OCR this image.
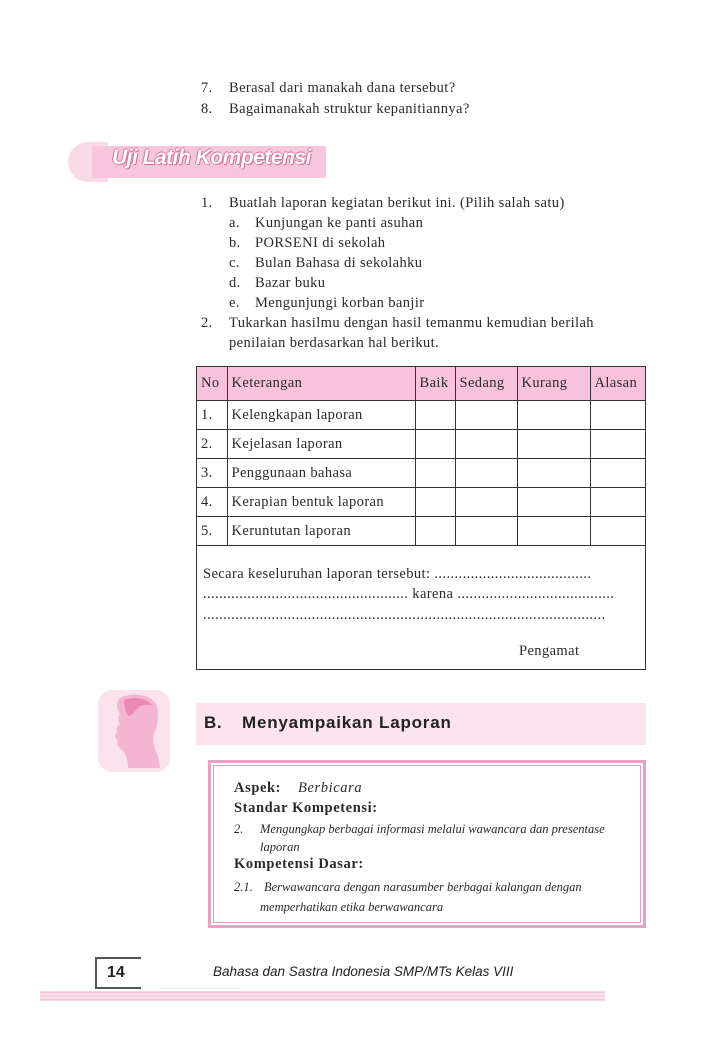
7. Berasal dari manakah dana tersebut?
8. Bagaimanakah struktur kepanitiannya?
Uji Latih Kompetensi
1. Buatlah laporan kegiatan berikut ini. (Pilih salah satu)
a. Kunjungan ke panti asuhan
b. PORSENI di sekolah
c. Bulan Bahasa di sekolahku
d. Bazar buku
e. Mengunjungi korban banjir
2. Tukarkan hasilmu dengan hasil temanmu kemudian berilah
penilaian berdasarkan hal berikut.
No	Keterangan	Baik	Sedang	Kurang	Alasan
1.	Kelengkapan laporan				
2.	Kejelasan laporan				
3.	Penggunaan bahasa				
4.	Kerapian bentuk laporan				
5.	Keruntutan laporan				
Secara keseluruhan laporan tersebut: .......................................
................................................... karena .......................................
....................................................................................................
Pengamat
B. Menyampaikan Laporan
Aspek: Berbicara
Standar Kompetensi:
2. Mengungkap berbagai informasi melalui wawancara dan presentase
laporan
Kompetensi Dasar:
2.1. Berwawancara dengan narasumber berbagai kalangan dengan
memperhatikan etika berwawancara
14	Bahasa dan Sastra Indonesia SMP/MTs Kelas VIII
